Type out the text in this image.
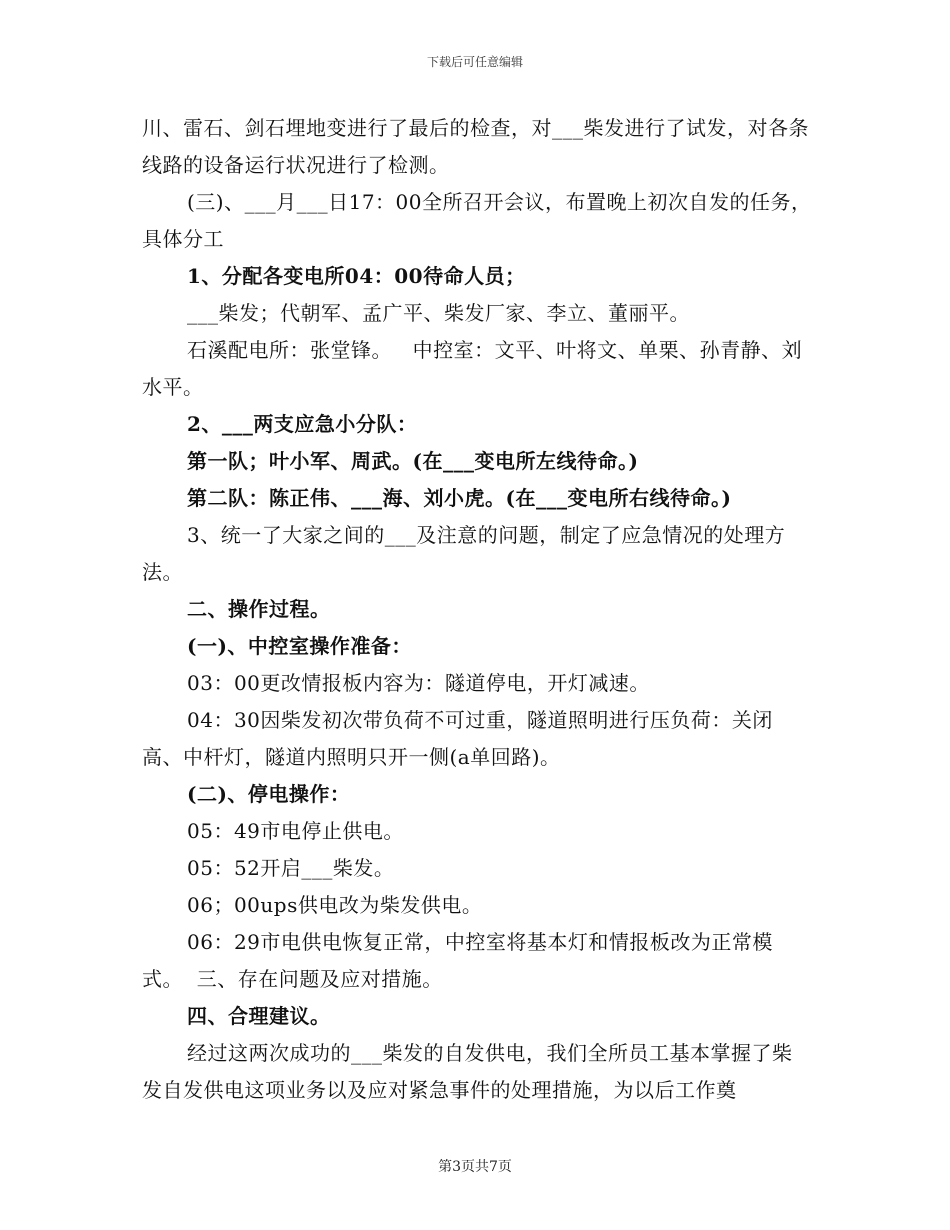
下载后可任意编辑

川、雷石、剑石埋地变进行了最后的检查，对___柴发进行了试发，对各条线路的设备运行状况进行了检测。

(三)、___月___日17：00全所召开会议，布置晚上初次自发的任务，具体分工

1、分配各变电所04：00待命人员；

___柴发；代朝军、孟广平、柴发厂家、李立、董丽平。

石溪配电所：张堂锋。   中控室：文平、叶将文、单栗、孙青静、刘水平。

2、___两支应急小分队：

第一队；叶小军、周武。(在___变电所左线待命。)

第二队：陈正伟、___海、刘小虎。(在___变电所右线待命。)

3、统一了大家之间的___及注意的问题，制定了应急情况的处理方法。

二、操作过程。

(一)、中控室操作准备：

03：00更改情报板内容为：隧道停电，开灯减速。

04：30因柴发初次带负荷不可过重，隧道照明进行压负荷：关闭高、中杆灯，隧道内照明只开一侧(a单回路)。

(二)、停电操作：

05：49市电停止供电。

05：52开启___柴发。

06；00ups供电改为柴发供电。

06：29市电供电恢复正常，中控室将基本灯和情报板改为正常模式。  三、存在问题及应对措施。

四、合理建议。

经过这两次成功的___柴发的自发供电，我们全所员工基本掌握了柴发自发供电这项业务以及应对紧急事件的处理措施，为以后工作奠

第3页共7页
